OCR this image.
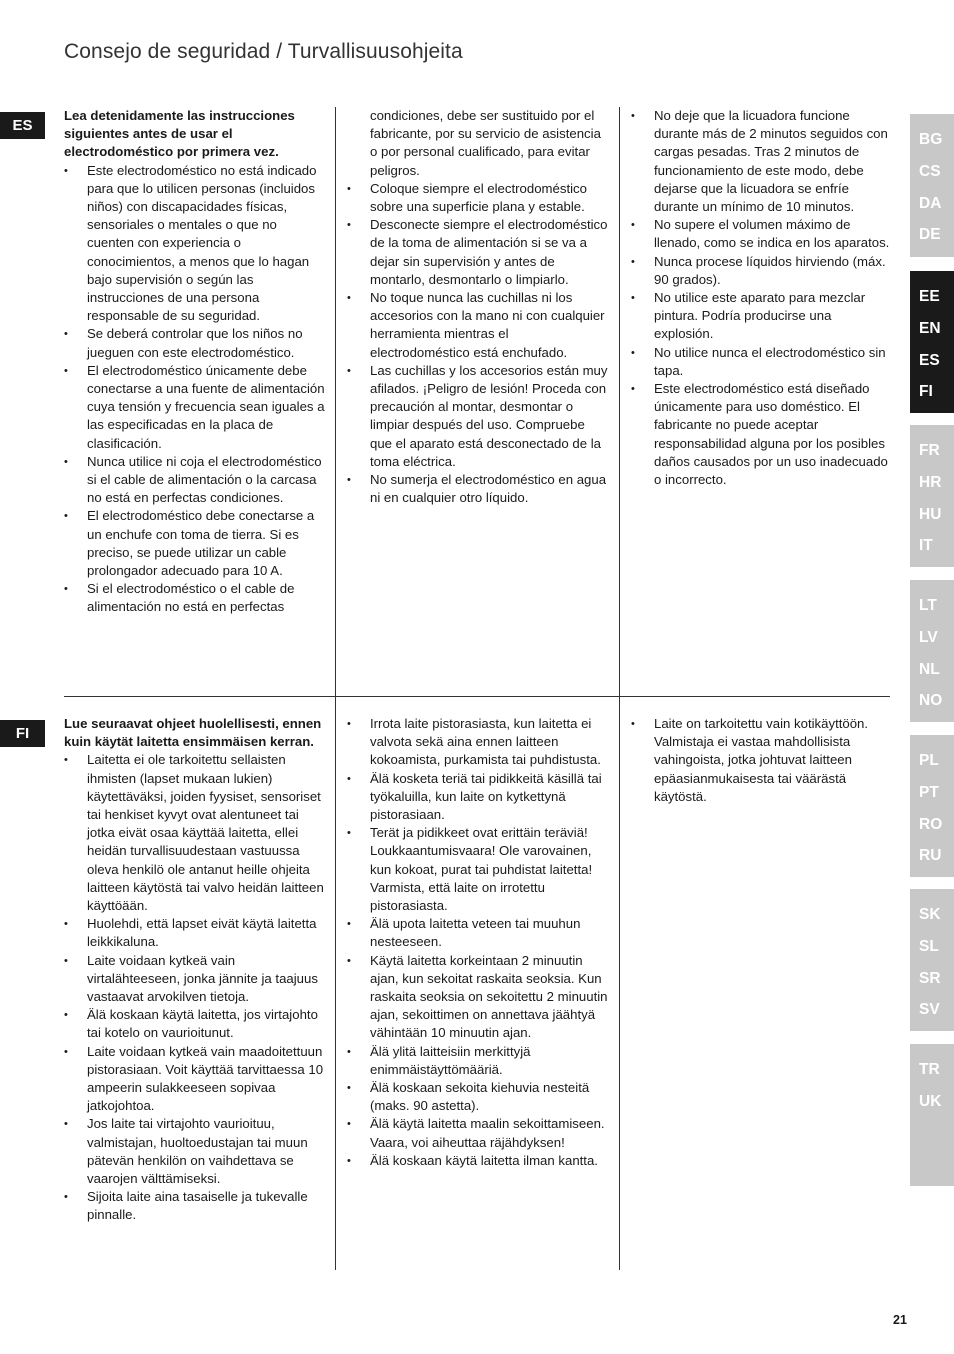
Consejo de seguridad / Turvallisuusohjeita
ES

Lea detenidamente las instrucciones siguientes antes de usar el electrodoméstico por primera vez.

• Este electrodoméstico no está indicado para que lo utilicen personas (incluidos niños) con discapacidades físicas, sensoriales o mentales o que no cuenten con experiencia o conocimientos, a menos que lo hagan bajo supervisión o según las instrucciones de una persona responsable de su seguridad.
• Se deberá controlar que los niños no jueguen con este electrodoméstico.
• El electrodoméstico únicamente debe conectarse a una fuente de alimentación cuya tensión y frecuencia sean iguales a las especificadas en la placa de clasificación.
• Nunca utilice ni coja el electrodoméstico si el cable de alimentación o la carcasa no está en perfectas condiciones.
• El electrodoméstico debe conectarse a un enchufe con toma de tierra. Si es preciso, se puede utilizar un cable prolongador adecuado para 10 A.
• Si el electrodoméstico o el cable de alimentación no está en perfectas

condiciones, debe ser sustituido por el fabricante, por su servicio de asistencia o por personal cualificado, para evitar peligros.

• Coloque siempre el electrodoméstico sobre una superficie plana y estable.
• Desconecte siempre el electrodoméstico de la toma de alimentación si se va a dejar sin supervisión y antes de montarlo, desmontarlo o limpiarlo.
• No toque nunca las cuchillas ni los accesorios con la mano ni con cualquier herramienta mientras el electrodoméstico está enchufado.
• Las cuchillas y los accesorios están muy afilados. ¡Peligro de lesión! Proceda con precaución al montar, desmontar o limpiar después del uso. Compruebe que el aparato está desconectado de la toma eléctrica.
• No sumerja el electrodoméstico en agua ni en cualquier otro líquido.
• No deje que la licuadora funcione durante más de 2 minutos seguidos con cargas pesadas. Tras 2 minutos de funcionamiento de este modo, debe dejarse que la licuadora se enfríe durante un mínimo de 10 minutos.
• No supere el volumen máximo de llenado, como se indica en los aparatos.
• Nunca procese líquidos hirviendo (máx. 90 grados).
• No utilice este aparato para mezclar pintura. Podría producirse una explosión.
• No utilice nunca el electrodoméstico sin tapa.
• Este electrodoméstico está diseñado únicamente para uso doméstico. El fabricante no puede aceptar responsabilidad alguna por los posibles daños causados por un uso inadecuado o incorrecto.
FI

Lue seuraavat ohjeet huolellisesti, ennen kuin käytät laitetta ensimmäisen kerran.

• Laitetta ei ole tarkoitettu sellaisten ihmisten (lapset mukaan lukien) käytettäväksi, joiden fyysiset, sensoriset tai henkiset kyvyt ovat alentuneet tai jotka eivät osaa käyttää laitetta, ellei heidän turvallisuudestaan vastuussa oleva henkilö ole antanut heille ohjeita laitteen käytöstä tai valvo heidän laitteen käyttöään.
• Huolehdi, että lapset eivät käytä laitetta leikkikaluna.
• Laite voidaan kytkeä vain virtalähteeseen, jonka jännite ja taajuus vastaavat arvokilven tietoja.
• Älä koskaan käytä laitetta, jos virtajohto tai kotelo on vaurioitunut.
• Laite voidaan kytkeä vain maadoitettuun pistorasiaan. Voit käyttää tarvittaessa 10 ampeerin sulakkeeseen sopivaa jatkojohtoa.
• Jos laite tai virtajohto vaurioituu, valmistajan, huoltoedustajan tai muun pätevän henkilön on vaihdettava se vaarojen välttämiseksi.
• Sijoita laite aina tasaiselle ja tukevalle pinnalle.
• Irrota laite pistorasiasta, kun laitetta ei valvota sekä aina ennen laitteen kokoamista, purkamista tai puhdistusta.
• Älä kosketa teriä tai pidikkeitä käsillä tai työkaluilla, kun laite on kytkettynä pistorasiaan.
• Terät ja pidikkeet ovat erittäin teräviä! Loukkaantumisvaara! Ole varovainen, kun kokoat, purat tai puhdistat laitetta! Varmista, että laite on irrotettu pistorasiasta.
• Älä upota laitetta veteen tai muuhun nesteeseen.
• Käytä laitetta korkeintaan 2 minuutin ajan, kun sekoitat raskaita seoksia. Kun raskaita seoksia on sekoitettu 2 minuutin ajan, sekoittimen on annettava jäähtyä vähintään 10 minuutin ajan.
• Älä ylitä laitteisiin merkittyjä enimmäistäyttömääriä.
• Älä koskaan sekoita kiehuvia nesteitä (maks. 90 astetta).
• Älä käytä laitetta maalin sekoittamiseen. Vaara, voi aiheuttaa räjähdyksen!
• Älä koskaan käytä laitetta ilman kantta.
• Laite on tarkoitettu vain kotikäyttöön. Valmistaja ei vastaa mahdollisista vahingoista, jotka johtuvat laitteen epäasianmukaisesta tai väärästä käytöstä.
BG
CS
DA
DE
EE
EN
ES
FI
FR
HR
HU
IT
LT
LV
NL
NO
PL
PT
RO
RU
SK
SL
SR
SV
TR
UK
21
